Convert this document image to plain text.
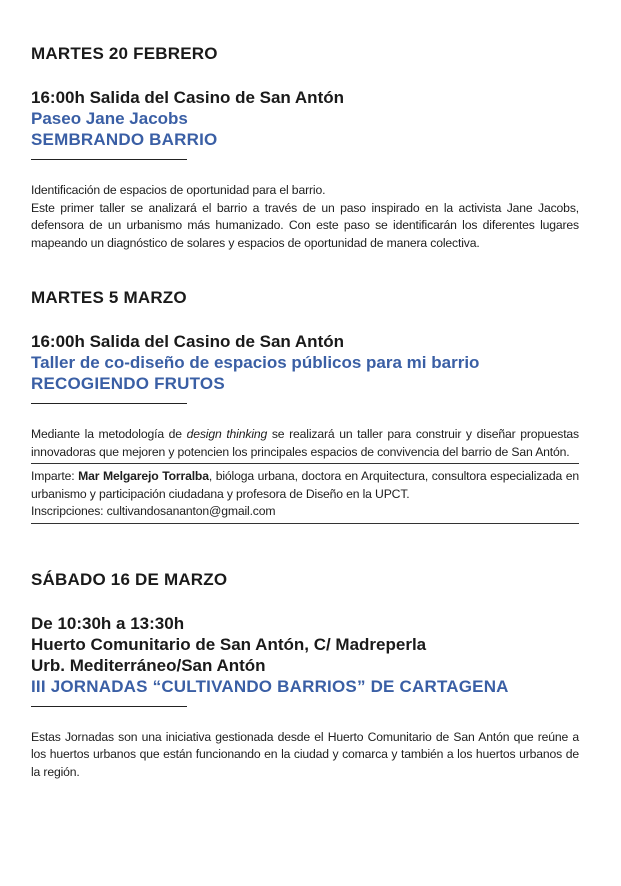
MARTES 20 FEBRERO

16:00h Salida del Casino de San Antón

Paseo Jane Jacobs

SEMBRANDO BARRIO

Identificación de espacios de oportunidad para el barrio.

Este primer taller se analizará el barrio a través de un paso inspirado en la activista Jane Jacobs, defensora de un urbanismo más humanizado. Con este paso se identificarán los diferentes lugares mapeando un diagnóstico de solares y espacios de oportunidad de manera colectiva.

MARTES 5 MARZO

16:00h Salida del Casino de San Antón

Taller de co-diseño de espacios públicos para mi barrio

RECOGIENDO FRUTOS

Mediante la metodología de design thinking se realizará un taller para construir y diseñar propuestas innovadoras que mejoren y potencien los principales espacios de convivencia del barrio de San Antón.

Imparte: Mar Melgarejo Torralba, bióloga urbana, doctora en Arquitectura, consultora especializada en urbanismo y participación ciudadana y profesora de Diseño en la UPCT.

Inscripciones: cultivandosananton@gmail.com

SÁBADO 16 DE MARZO

De 10:30h a 13:30h

Huerto Comunitario de San Antón, C/ Madreperla

Urb. Mediterráneo/San Antón

III JORNADAS “CULTIVANDO BARRIOS” DE CARTAGENA

Estas Jornadas son una iniciativa gestionada desde el Huerto Comunitario de San Antón que reúne a los huertos urbanos que están funcionando en la ciudad y comarca y también a los huertos urbanos de la región.
